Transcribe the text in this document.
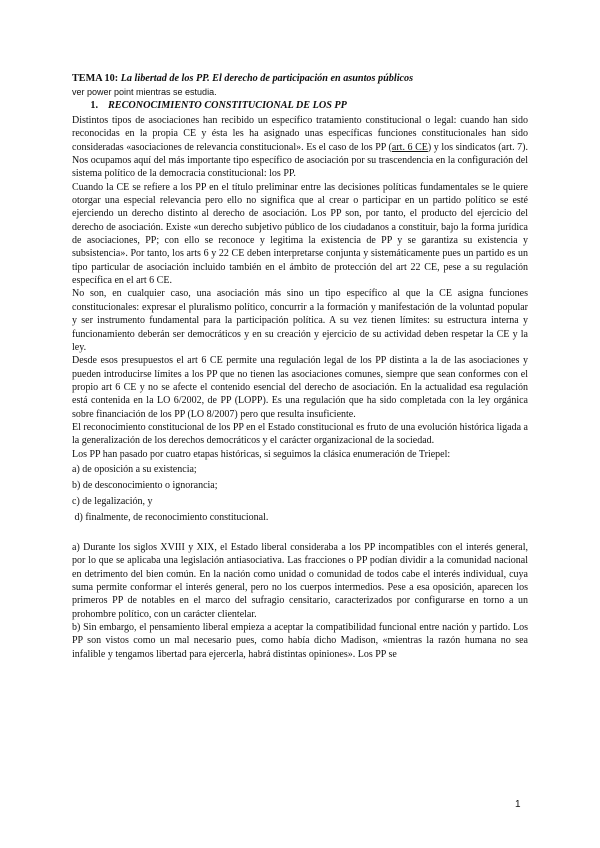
TEMA 10: La libertad de los PP. El derecho de participación en asuntos públicos

ver power point mientras se estudia.

1. RECONOCIMIENTO CONSTITUCIONAL DE LOS PP

Distintos tipos de asociaciones han recibido un específico tratamiento constitucional o legal: cuando han sido reconocidas en la propia CE y ésta les ha asignado unas específicas funciones constitucionales han sido consideradas «asociaciones de relevancia constitucional». Es el caso de los PP (art. 6 CE) y los sindicatos (art. 7). Nos ocupamos aquí del más importante tipo específico de asociación por su trascendencia en la configuración del sistema político de la democracia constitucional: los PP.

Cuando la CE se refiere a los PP en el título preliminar entre las decisiones políticas fundamentales se le quiere otorgar una especial relevancia pero ello no significa que al crear o participar en un partido político se esté ejerciendo un derecho distinto al derecho de asociación. Los PP son, por tanto, el producto del ejercicio del derecho de asociación. Existe «un derecho subjetivo público de los ciudadanos a constituir, bajo la forma jurídica de asociaciones, PP; con ello se reconoce y legitima la existencia de PP y se garantiza su existencia y subsistencia». Por tanto, los arts 6 y 22 CE deben interpretarse conjunta y sistemáticamente pues un partido es un tipo particular de asociación incluido también en el ámbito de protección del art 22 CE, pese a su regulación específica en el art 6 CE.

No son, en cualquier caso, una asociación más sino un tipo específico al que la CE asigna funciones constitucionales: expresar el pluralismo político, concurrir a la formación y manifestación de la voluntad popular y ser instrumento fundamental para la participación política. A su vez tienen límites: su estructura interna y funcionamiento deberán ser democráticos y en su creación y ejercicio de su actividad deben respetar la CE y la ley.

Desde esos presupuestos el art 6 CE permite una regulación legal de los PP distinta a la de las asociaciones y pueden introducirse límites a los PP que no tienen las asociaciones comunes, siempre que sean conformes con el propio art 6 CE y no se afecte el contenido esencial del derecho de asociación. En la actualidad esa regulación está contenida en la LO 6/2002, de PP (LOPP). Es una regulación que ha sido completada con la ley orgánica sobre financiación de los PP (LO 8/2007) pero que resulta insuficiente.

El reconocimiento constitucional de los PP en el Estado constitucional es fruto de una evolución histórica ligada a la generalización de los derechos democráticos y el carácter organizacional de la sociedad.

Los PP han pasado por cuatro etapas históricas, si seguimos la clásica enumeración de Triepel:

a) de oposición a su existencia;

b) de desconocimiento o ignorancia;

c) de legalización, y

d) finalmente, de reconocimiento constitucional.

a) Durante los siglos XVIII y XIX, el Estado liberal consideraba a los PP incompatibles con el interés general, por lo que se aplicaba una legislación antiasociativa. Las fracciones o PP podían dividir a la comunidad nacional en detrimento del bien común. En la nación como unidad o comunidad de todos cabe el interés individual, cuya suma permite conformar el interés general, pero no los cuerpos intermedios. Pese a esa oposición, aparecen los primeros PP de notables en el marco del sufragio censitario, caracterizados por configurarse en torno a un prohombre político, con un carácter clientelar.

b) Sin embargo, el pensamiento liberal empieza a aceptar la compatibilidad funcional entre nación y partido. Los PP son vistos como un mal necesario pues, como había dicho Madison, «mientras la razón humana no sea infalible y tengamos libertad para ejercerla, habrá distintas opiniones». Los PP se

1
